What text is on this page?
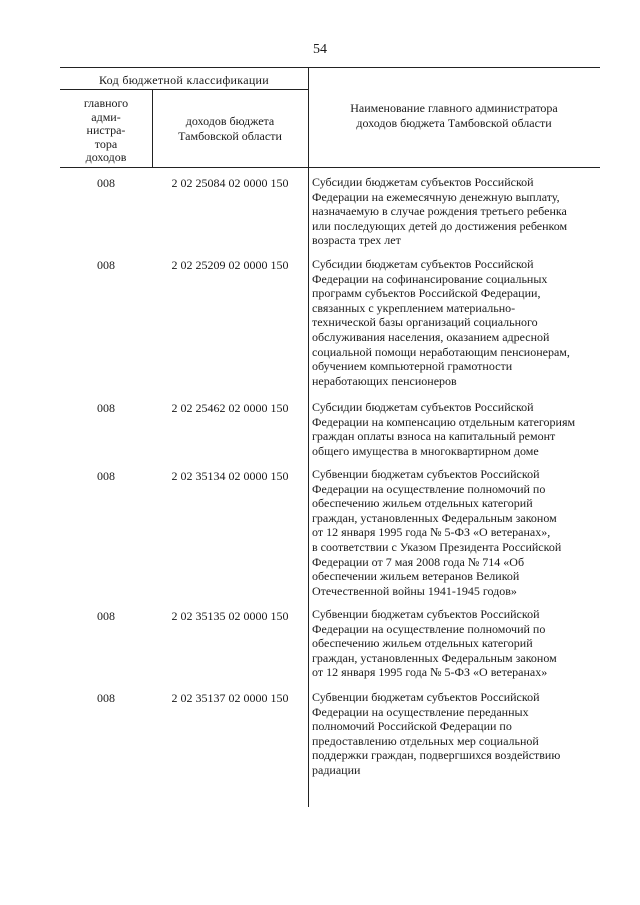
54
Код бюджетной классификации
главного
адми-
нистра-
тора
доходов
доходов бюджета
Тамбовской области
Наименование главного администратора
доходов бюджета Тамбовской области
008	2 02 25084 02 0000 150	Субсидии бюджетам субъектов Российской
Федерации на ежемесячную денежную выплату,
назначаемую в случае рождения третьего ребенка
или последующих детей до достижения ребенком
возраста трех лет
008	2 02 25209 02 0000 150	Субсидии бюджетам субъектов Российской
Федерации на софинансирование социальных
программ субъектов Российской Федерации,
связанных с укреплением материально-
технической базы организаций социального
обслуживания населения, оказанием адресной
социальной помощи неработающим пенсионерам,
обучением компьютерной грамотности
неработающих пенсионеров
008	2 02 25462 02 0000 150	Субсидии бюджетам субъектов Российской
Федерации на компенсацию отдельным категориям
граждан оплаты взноса на капитальный ремонт
общего имущества в многоквартирном доме
008	2 02 35134 02 0000 150	Субвенции бюджетам субъектов Российской
Федерации на осуществление полномочий по
обеспечению жильем отдельных категорий
граждан, установленных Федеральным законом
от 12 января 1995 года № 5-ФЗ «О ветеранах»,
в соответствии с Указом Президента Российской
Федерации от 7 мая 2008 года № 714 «Об
обеспечении жильем ветеранов Великой
Отечественной войны 1941-1945 годов»
008	2 02 35135 02 0000 150	Субвенции бюджетам субъектов Российской
Федерации на осуществление полномочий по
обеспечению жильем отдельных категорий
граждан, установленных Федеральным законом
от 12 января 1995 года № 5-ФЗ «О ветеранах»
008	2 02 35137 02 0000 150	Субвенции бюджетам субъектов Российской
Федерации на осуществление переданных
полномочий Российской Федерации по
предоставлению отдельных мер социальной
поддержки граждан, подвергшихся воздействию
радиации
